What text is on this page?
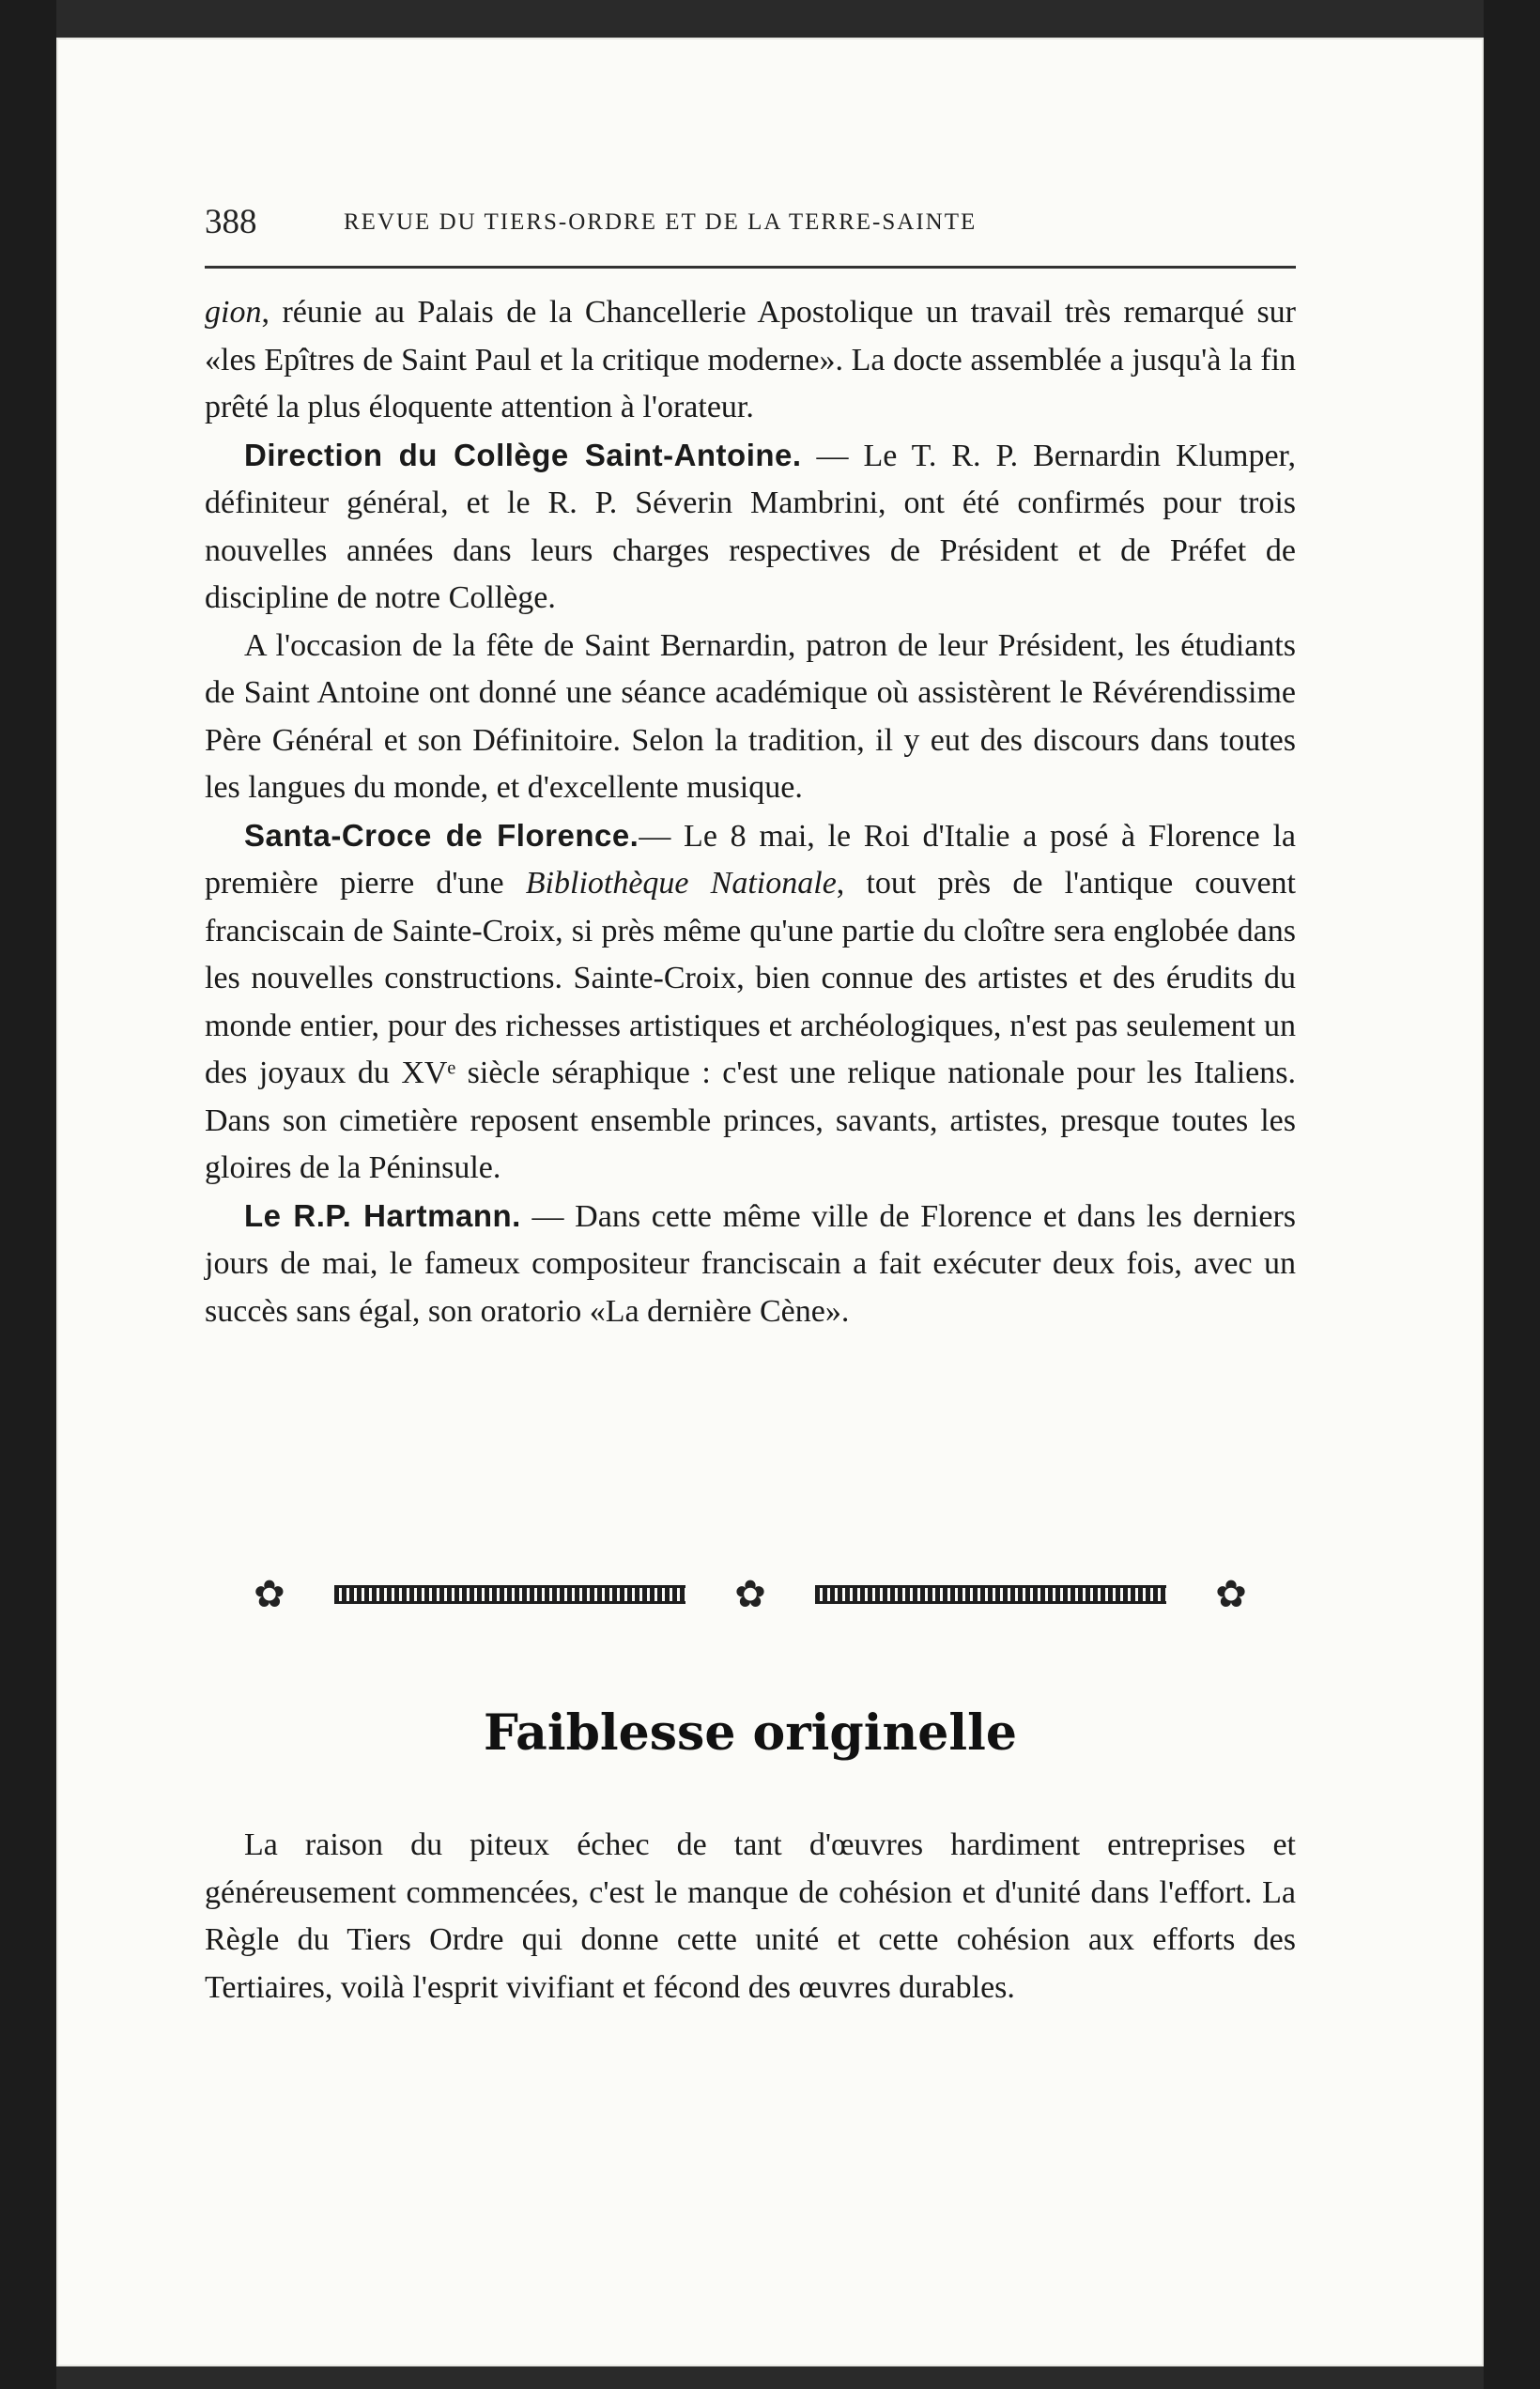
388	REVUE DU TIERS-ORDRE ET DE LA TERRE-SAINTE

gion, réunie au Palais de la Chancellerie Apostolique un travail très remarqué sur «les Epîtres de Saint Paul et la critique moderne». La docte assemblée a jusqu'à la fin prêté la plus éloquente attention à l'orateur.

Direction du Collège Saint-Antoine. — Le T. R. P. Bernardin Klumper, définiteur général, et le R. P. Séverin Mambrini, ont été confirmés pour trois nouvelles années dans leurs charges respectives de Président et de Préfet de discipline de notre Collège.

A l'occasion de la fête de Saint Bernardin, patron de leur Président, les étudiants de Saint Antoine ont donné une séance académique où assistèrent le Révérendissime Père Général et son Définitoire. Selon la tradition, il y eut des discours dans toutes les langues du monde, et d'excellente musique.

Santa-Croce de Florence.— Le 8 mai, le Roi d'Italie a posé à Florence la première pierre d'une Bibliothèque Nationale, tout près de l'antique couvent franciscain de Sainte-Croix, si près même qu'une partie du cloître sera englobée dans les nouvelles constructions. Sainte-Croix, bien connue des artistes et des érudits du monde entier, pour des richesses artistiques et archéologiques, n'est pas seulement un des joyaux du XVᵉ siècle séraphique : c'est une relique nationale pour les Italiens. Dans son cimetière reposent ensemble princes, savants, artistes, presque toutes les gloires de la Péninsule.

Le R.P. Hartmann. — Dans cette même ville de Florence et dans les derniers jours de mai, le fameux compositeur franciscain a fait exécuter deux fois, avec un succès sans égal, son oratorio «La dernière Cène».

✿	✿	✿
Faiblesse originelle

La raison du piteux échec de tant d'œuvres hardiment entreprises et généreusement commencées, c'est le manque de cohésion et d'unité dans l'effort. La Règle du Tiers Ordre qui donne cette unité et cette cohésion aux efforts des Tertiaires, voilà l'esprit vivifiant et fécond des œuvres durables.
